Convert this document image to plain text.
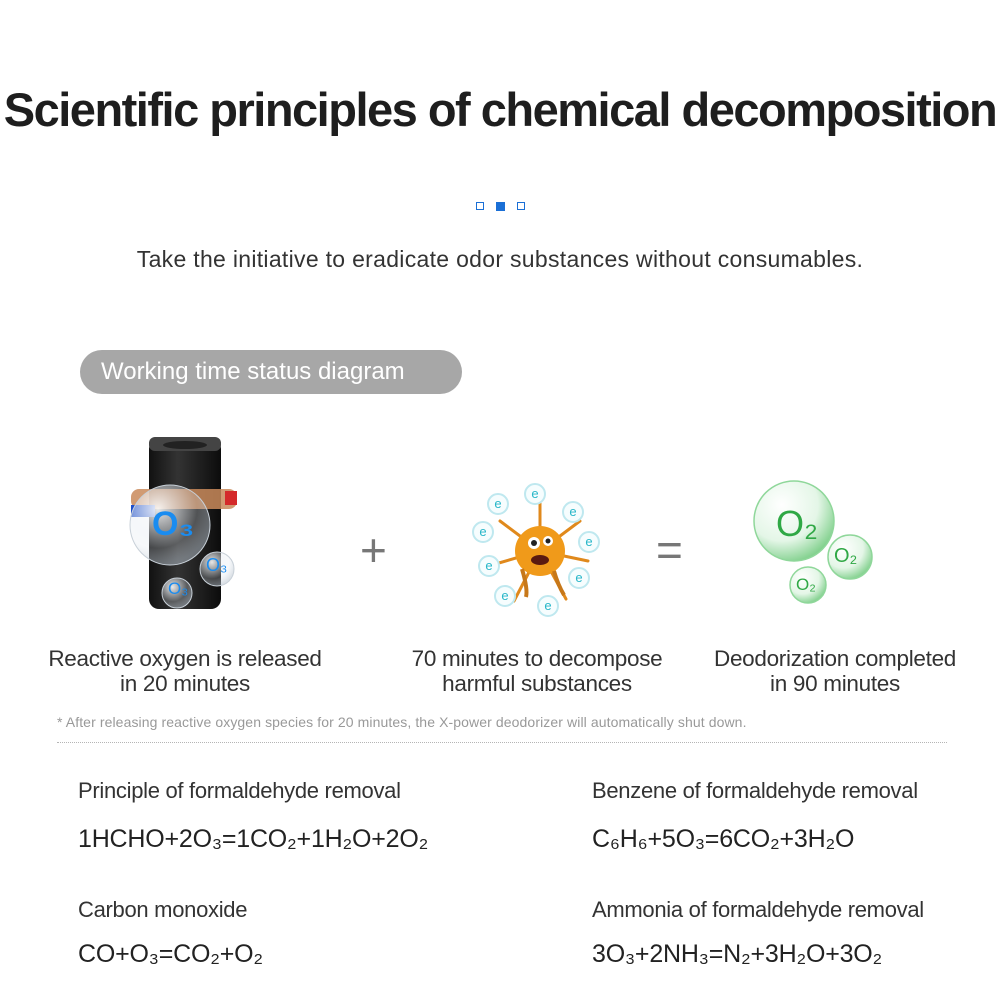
Scientific principles of chemical decomposition
Take the initiative to eradicate odor substances without consumables.
Working time status diagram
O₃
O₃
O₃
+
e
e
e
e
e
e
e
e
e
=
O₂
O₂
O₂
Reactive oxygen is released
in 20 minutes
70 minutes to decompose
harmful substances
Deodorization completed
in 90 minutes
* After releasing reactive oxygen species for 20 minutes, the X-power deodorizer will automatically shut down.
Principle of formaldehyde removal
1HCHO+2O₃=1CO₂+1H₂O+2O₂
Benzene of formaldehyde removal
C₆H₆+5O₃=6CO₂+3H₂O
Carbon monoxide
CO+O₃=CO₂+O₂
Ammonia of formaldehyde removal
3O₃+2NH₃=N₂+3H₂O+3O₂
